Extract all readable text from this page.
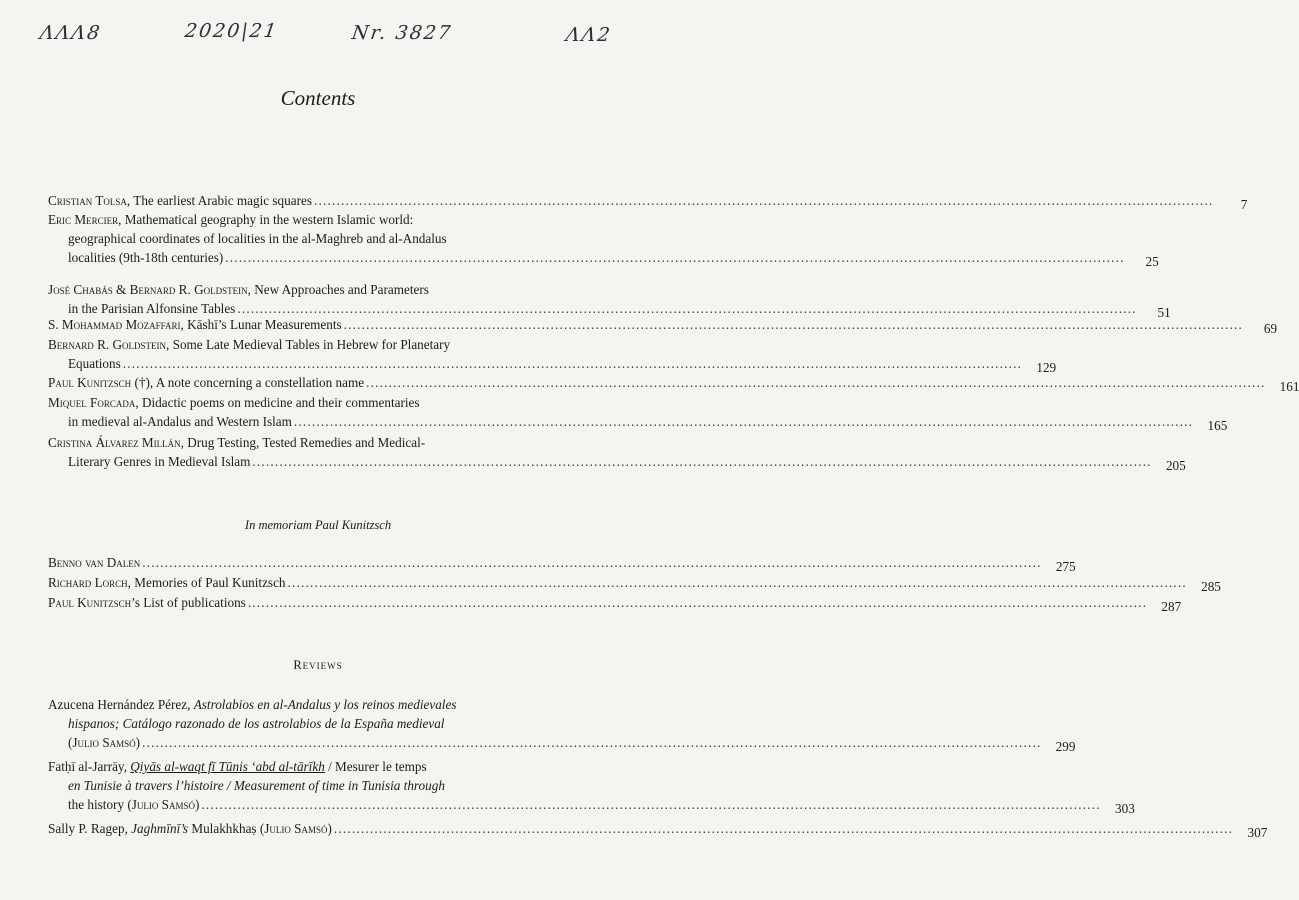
ΛΛΛ8	2020|21	Nr. 3827	ΛΛ2
Contents
Cristian Tolsa, The earliest Arabic magic squares ........................................................................................................................................................................................................	7
Eric Mercier, Mathematical geography in the western Islamic world:
geographical coordinates of localities in the al-Maghreb and al-Andalus
localities (9th-18th centuries) ........................................................................................................................................................................................................	25
José Chabás & Bernard R. Goldstein, New Approaches and Parameters
in the Parisian Alfonsine Tables ........................................................................................................................................................................................................	51
S. Mohammad Mozaffari, Kāshī’s Lunar Measurements ........................................................................................................................................................................................................	69
Bernard R. Goldstein, Some Late Medieval Tables in Hebrew for Planetary
Equations ........................................................................................................................................................................................................	129
Paul Kunitzsch (†), A note concerning a constellation name ........................................................................................................................................................................................................	161
Miquel Forcada, Didactic poems on medicine and their commentaries
in medieval al-Andalus and Western Islam ........................................................................................................................................................................................................	165
Cristina Álvarez Millán, Drug Testing, Tested Remedies and Medical-
Literary Genres in Medieval Islam ........................................................................................................................................................................................................	205
In memoriam Paul Kunitzsch
Benno van Dalen ........................................................................................................................................................................................................	275
Richard Lorch, Memories of Paul Kunitzsch ........................................................................................................................................................................................................	285
Paul Kunitzsch’s List of publications ........................................................................................................................................................................................................	287
Reviews
Azucena Hernández Pérez, Astrolabios en al-Andalus y los reinos medievales
hispanos; Catálogo razonado de los astrolabios de la España medieval
(Julio Samsó) ........................................................................................................................................................................................................	299
Fatḥī al-Jarrāy, Qiyās al-waqt fī Tūnis ‘abd al-tārīkh / Mesurer le temps
en Tunisie à travers l’histoire / Measurement of time in Tunisia through
the history (Julio Samsó) ........................................................................................................................................................................................................	303
Sally P. Ragep, Jaghmīnī’s Mulakhkhaṣ (Julio Samsó) ........................................................................................................................................................................................................	307
